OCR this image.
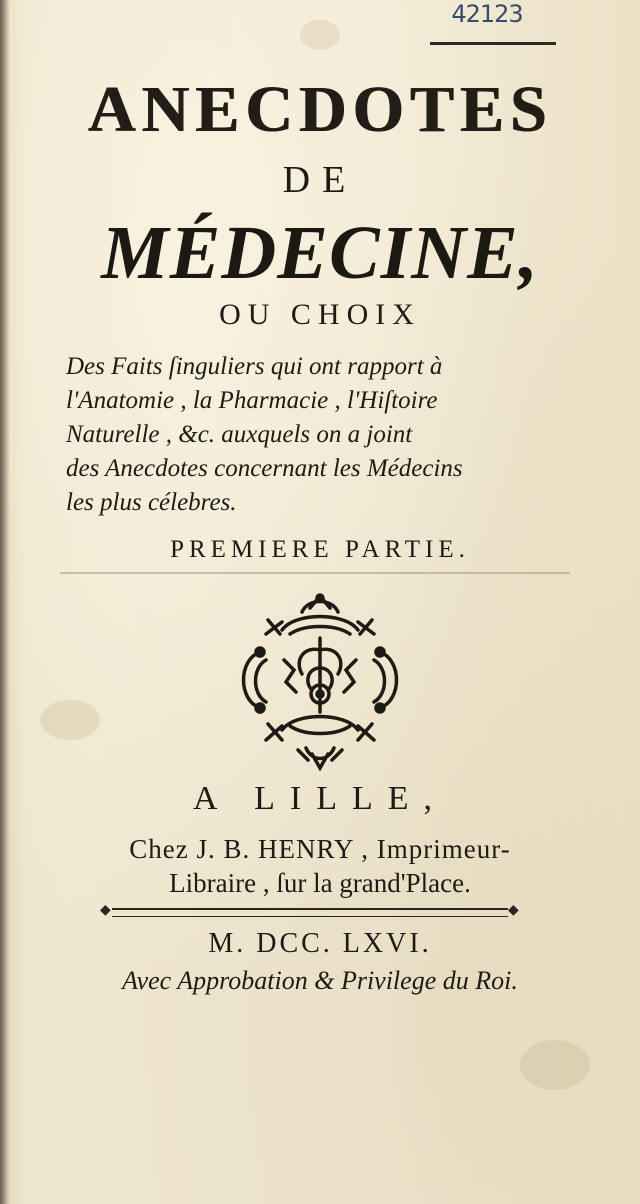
42123
ANECDOTES
DE
MÉDECINE,
OU CHOIX
Des Faits ſinguliers qui ont rapport à
l'Anatomie , la Pharmacie , l'Hiſtoire
Naturelle , &c. auxquels on a joint
des Anecdotes concernant les Médecins
les plus célebres.
PREMIERE PARTIE.
A LILLE,
Chez J. B. HENRY , Imprimeur-
Libraire , ſur la grand'Place.
◆	◆
M. DCC. LXVI.
Avec Approbation & Privilege du Roi.
